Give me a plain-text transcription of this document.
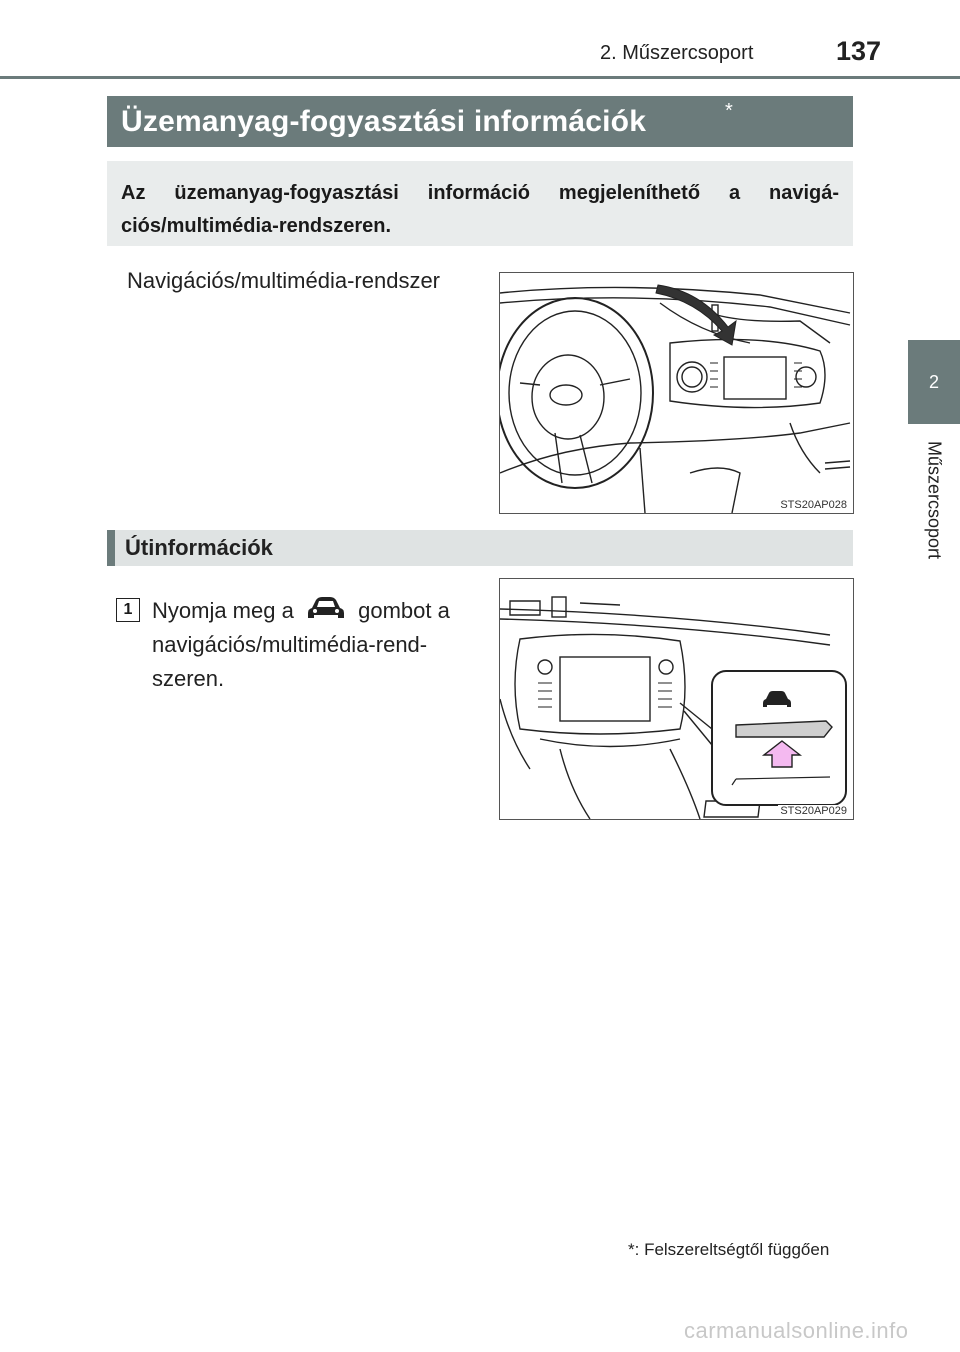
2. Műszercsoport	137
2
Műszercsoport
Üzemanyag-fogyasztási információk	*
Az üzemanyag-fogyasztási információ megjeleníthető a navigá-ciós/multimédia-rendszeren.
Navigációs/multimédia-rendszer
STS20AP028
Útinformációk
1 Nyomja meg a	gombot a navigációs/multimédia-rend-szeren.
STS20AP029
*: Felszereltségtől függően
carmanualsonline.info
